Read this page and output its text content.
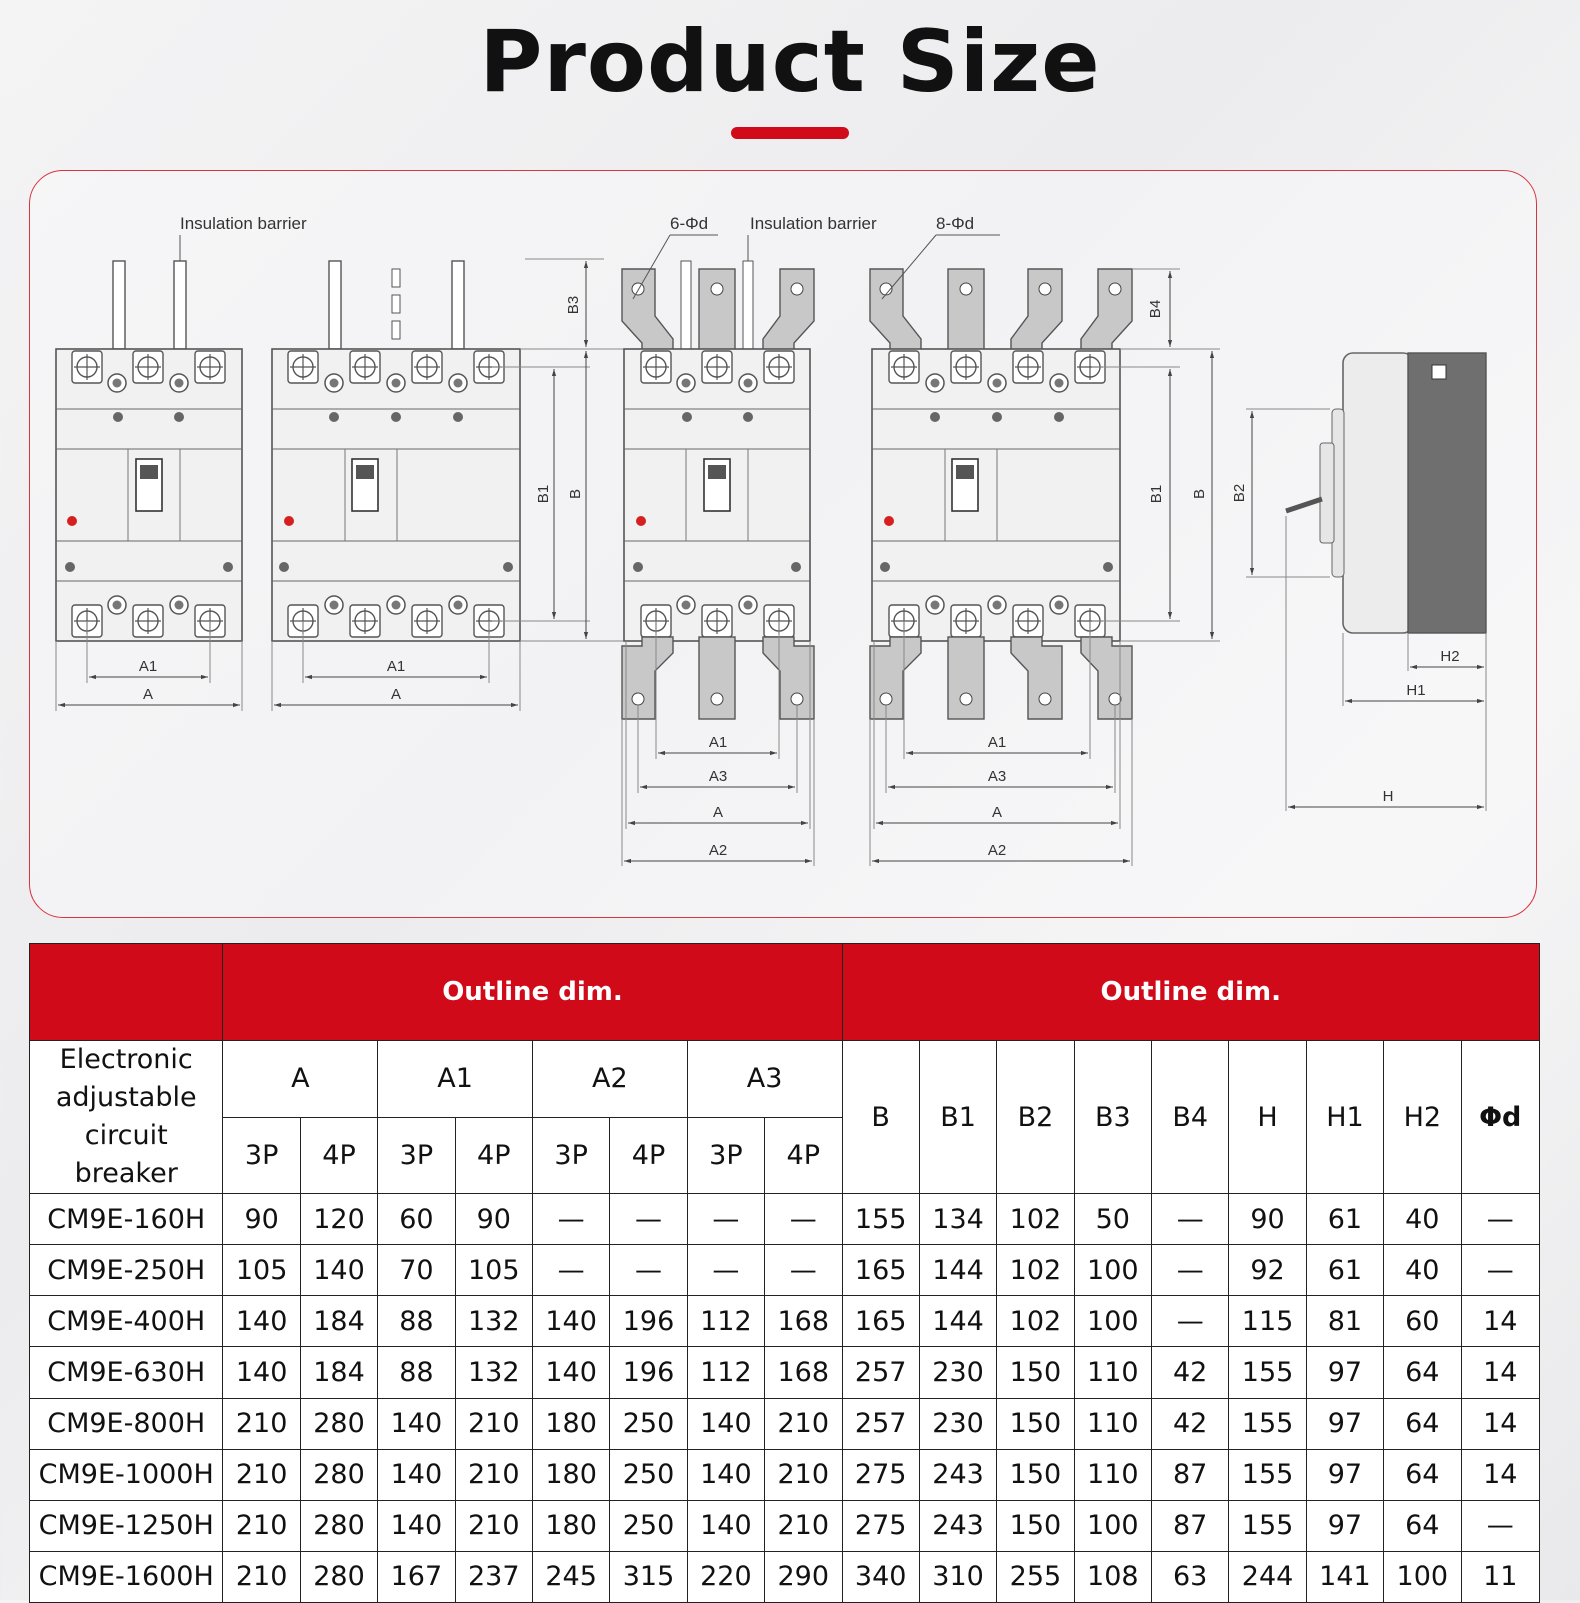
Product Size
A1
A
Insulation barrier
A1
A
B1 B
B3
A1
A3
A
A2
6-Φd Insulation barrier
A1
A3
A
A2
8-Φd
B4
B1 B B2
H2
H1
H
	Outline dim.								Outline dim.								
Electronic adjustable circuit breaker	A		A1		A2		A3		B	B1	B2	B3	B4	H	H1	H2	Φd
	3P	4P	3P	4P	3P	4P	3P	4P									
CM9E-160H	90	120	60	90	—	—	—	—	155	134	102	50	—	90	61	40	—
CM9E-250H	105	140	70	105	—	—	—	—	165	144	102	100	—	92	61	40	—
CM9E-400H	140	184	88	132	140	196	112	168	165	144	102	100	—	115	81	60	14
CM9E-630H	140	184	88	132	140	196	112	168	257	230	150	110	42	155	97	64	14
CM9E-800H	210	280	140	210	180	250	140	210	257	230	150	110	42	155	97	64	14
CM9E-1000H	210	280	140	210	180	250	140	210	275	243	150	110	87	155	97	64	14
CM9E-1250H	210	280	140	210	180	250	140	210	275	243	150	100	87	155	97	64	—
CM9E-1600H	210	280	167	237	245	315	220	290	340	310	255	108	63	244	141	100	11
